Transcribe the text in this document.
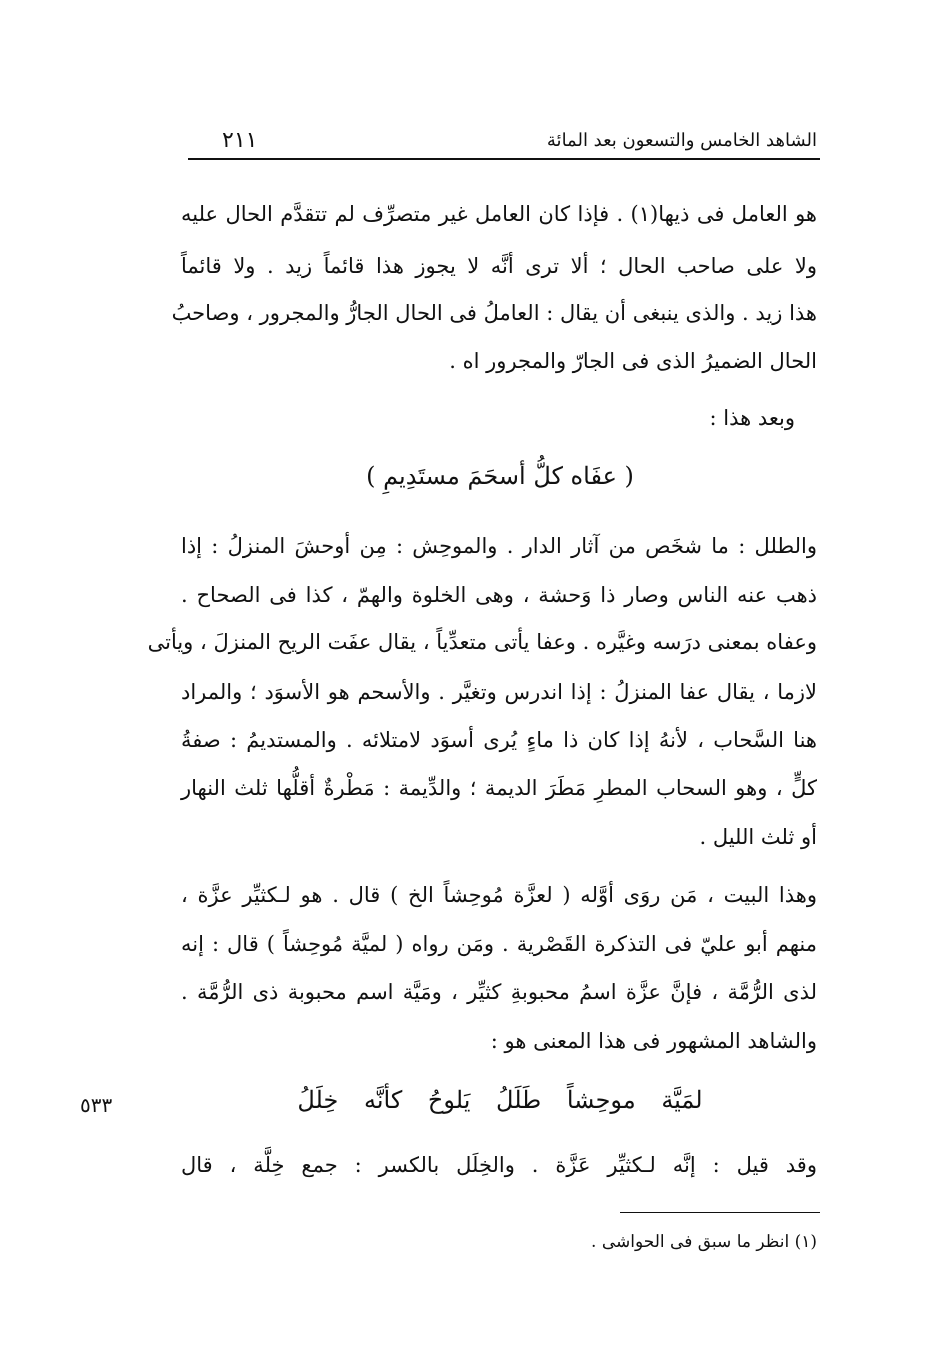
الشاهد الخامس والتسعون بعد المائة
٢١١
٥٣٣
هو العامل فى ذيها(١) . فإذا كان العامل غير متصرِّف لم تتقدَّم الحال عليه
ولا على صاحب الحال ؛ ألا ترى أنَّه لا يجوز هذا قائماً زيد . ولا قائماً
هذا زيد . والذى ينبغى أن يقال : العاملُ فى الحال الجارُّ والمجرور ، وصاحبُ
الحال الضميرُ الذى فى الجارّ والمجرور اه .
وبعد هذا :
( عفَاه كلُّ أسحَمَ مستَدِيمِ )
والطلل : ما شخَص من آثار الدار . والموحِش : مِن أوحشَ المنزلُ : إذا
ذهب عنه الناس وصار ذا وَحشة ، وهى الخلوة والهمّ ، كذا فى الصحاح .
وعفاه بمعنى درَسه وغيَّره . وعفا يأتى متعدِّياً ، يقال عفَت الريح المنزلَ ، ويأتى
لازما ، يقال عفا المنزلُ : إذا اندرس وتغيَّر . والأسحم هو الأسوَد ؛ والمراد
هنا السَّحاب ، لأنهُ إذا كان ذا ماءٍ يُرى أسوَد لامتلائه . والمستديمُ : صفةُ
كلٍّ ، وهو السحاب المطرِ مَطَرَ الديمة ؛ والدِّيمة : مَطْرةٌ أقلُّها ثلث النهار
أو ثلث الليل .
وهذا البيت ، مَن روَى أوَّله ( لعزَّة مُوحِشاً الخ ) قال . هو لـكثيِّر عزَّة ،
منهم أبو عليّ فى التذكرة القَصْرية . ومَن رواه ( لميَّة مُوحِشاً ) قال : إنه
لذى الرُّمَّة ، فإنَّ عزَّة اسمُ محبوبةِ كثيِّر ، ومَيَّة اسم محبوبة ذى الرُّمَّة .
والشاهد المشهور فى هذا المعنى هو :
لمَيَّة موحِشاً طَلَلُ يَلوحُ كأنَّه خِلَلُ
وقد قيل : إنَّه لـكثيِّر عَزَّة . والخِلَل بالكسر : جمع خِلَّة ، قال
(١) انظر ما سبق فى الحواشى .
